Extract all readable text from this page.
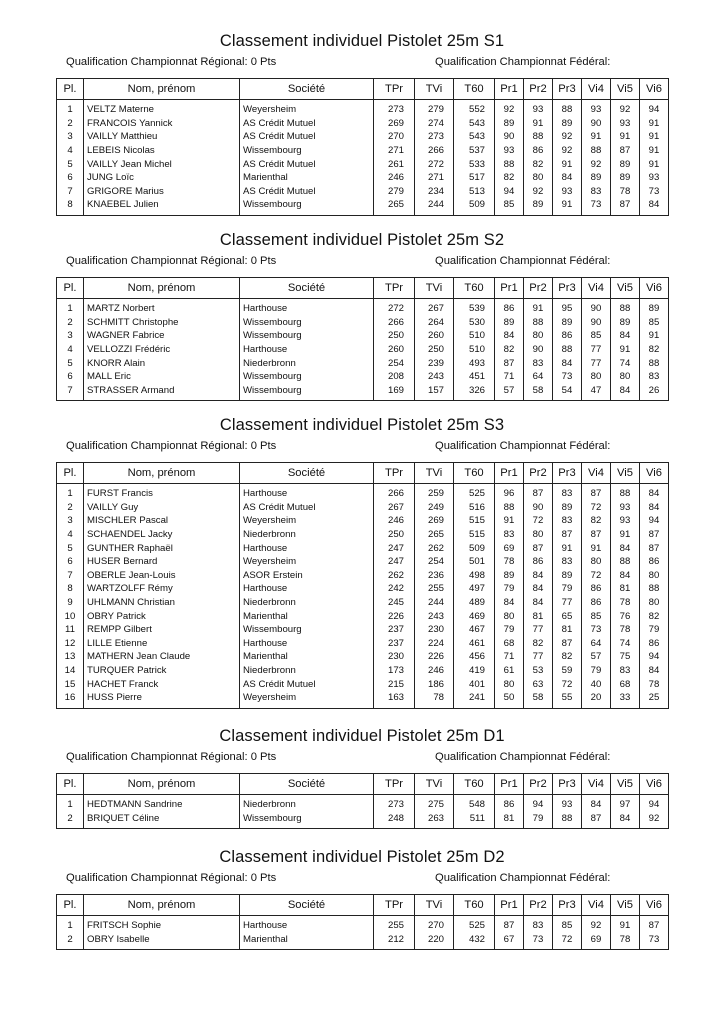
Classement individuel Pistolet 25m S1
Qualification Championnat Régional: 0 Pts	Qualification Championnat Fédéral:
Pl.	Nom, prénom	Société	TPr	TVi	T60	Pr1	Pr2	Pr3	Vi4	Vi5	Vi6
1	VELTZ Materne	Weyersheim	273	279	552	92	93	88	93	92	94
2	FRANCOIS Yannick	AS Crédit Mutuel	269	274	543	89	91	89	90	93	91
3	VAILLY Matthieu	AS Crédit Mutuel	270	273	543	90	88	92	91	91	91
4	LEBEIS Nicolas	Wissembourg	271	266	537	93	86	92	88	87	91
5	VAILLY Jean Michel	AS Crédit Mutuel	261	272	533	88	82	91	92	89	91
6	JUNG Loïc	Marienthal	246	271	517	82	80	84	89	89	93
7	GRIGORE Marius	AS Crédit Mutuel	279	234	513	94	92	93	83	78	73
8	KNAEBEL Julien	Wissembourg	265	244	509	85	89	91	73	87	84
Classement individuel Pistolet 25m S2
Qualification Championnat Régional: 0 Pts	Qualification Championnat Fédéral:
Pl.	Nom, prénom	Société	TPr	TVi	T60	Pr1	Pr2	Pr3	Vi4	Vi5	Vi6
1	MARTZ Norbert	Harthouse	272	267	539	86	91	95	90	88	89
2	SCHMITT Christophe	Wissembourg	266	264	530	89	88	89	90	89	85
3	WAGNER Fabrice	Wissembourg	250	260	510	84	80	86	85	84	91
4	VELLOZZI Frédéric	Harthouse	260	250	510	82	90	88	77	91	82
5	KNORR Alain	Niederbronn	254	239	493	87	83	84	77	74	88
6	MALL Eric	Wissembourg	208	243	451	71	64	73	80	80	83
7	STRASSER Armand	Wissembourg	169	157	326	57	58	54	47	84	26
Classement individuel Pistolet 25m S3
Qualification Championnat Régional: 0 Pts	Qualification Championnat Fédéral:
Pl.	Nom, prénom	Société	TPr	TVi	T60	Pr1	Pr2	Pr3	Vi4	Vi5	Vi6
1	FURST Francis	Harthouse	266	259	525	96	87	83	87	88	84
2	VAILLY Guy	AS Crédit Mutuel	267	249	516	88	90	89	72	93	84
3	MISCHLER Pascal	Weyersheim	246	269	515	91	72	83	82	93	94
4	SCHAENDEL Jacky	Niederbronn	250	265	515	83	80	87	87	91	87
5	GUNTHER Raphaël	Harthouse	247	262	509	69	87	91	91	84	87
6	HUSER Bernard	Weyersheim	247	254	501	78	86	83	80	88	86
7	OBERLE Jean-Louis	ASOR Erstein	262	236	498	89	84	89	72	84	80
8	WARTZOLFF Rémy	Harthouse	242	255	497	79	84	79	86	81	88
9	UHLMANN Christian	Niederbronn	245	244	489	84	84	77	86	78	80
10	OBRY Patrick	Marienthal	226	243	469	80	81	65	85	76	82
11	REMPP Gilbert	Wissembourg	237	230	467	79	77	81	73	78	79
12	LILLE Etienne	Harthouse	237	224	461	68	82	87	64	74	86
13	MATHERN Jean Claude	Marienthal	230	226	456	71	77	82	57	75	94
14	TURQUER Patrick	Niederbronn	173	246	419	61	53	59	79	83	84
15	HACHET Franck	AS Crédit Mutuel	215	186	401	80	63	72	40	68	78
16	HUSS Pierre	Weyersheim	163	78	241	50	58	55	20	33	25
Classement individuel Pistolet 25m D1
Qualification Championnat Régional: 0 Pts	Qualification Championnat Fédéral:
Pl.	Nom, prénom	Société	TPr	TVi	T60	Pr1	Pr2	Pr3	Vi4	Vi5	Vi6
1	HEDTMANN Sandrine	Niederbronn	273	275	548	86	94	93	84	97	94
2	BRIQUET Céline	Wissembourg	248	263	511	81	79	88	87	84	92
Classement individuel Pistolet 25m D2
Qualification Championnat Régional: 0 Pts	Qualification Championnat Fédéral:
Pl.	Nom, prénom	Société	TPr	TVi	T60	Pr1	Pr2	Pr3	Vi4	Vi5	Vi6
1	FRITSCH Sophie	Harthouse	255	270	525	87	83	85	92	91	87
2	OBRY Isabelle	Marienthal	212	220	432	67	73	72	69	78	73
